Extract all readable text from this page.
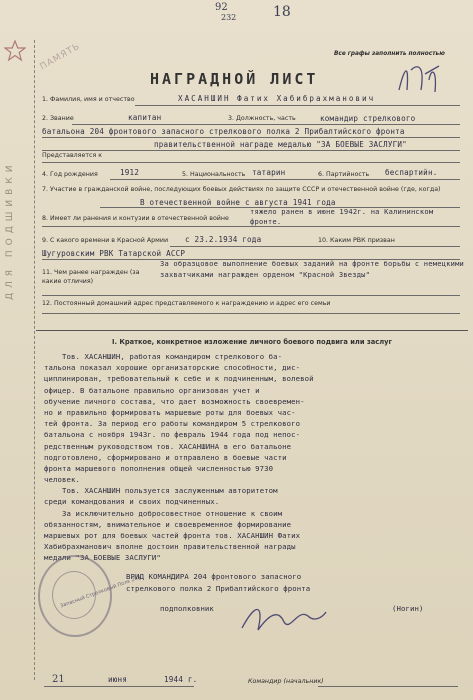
ДЛЯ ПОДШИВКИ
ПАМЯТЬ
92
232	18
Все графы заполнить полностью
НАГРАДНОЙ ЛИСТ
1. Фамилия, имя и отчество	ХАСАНШИН Фатих Хабибрахманович
2. Звание	капитан	3. Должность, часть	командир стрелкового батальона 204 фронтового запасного стрелкового полка 2 Прибалтийского фронта
Представляется к
правительственной награде медалью "ЗА БОЕВЫЕ ЗАСЛУГИ"
4. Год рождения	1912	5. Национальность татарин	6. Партийность беспартийн.
7. Участие в гражданской войне, последующих боевых действиях по защите СССР и отечественной войне (где, когда)
В отечественной войне с августа 1941 года
8. Имеет ли ранения и контузии в отечественной войне
тяжело ранен в июне 1942г. на Калининском фронте.
9. С какого времени в Красной Армии с 23.2.1934 года	10. Каким РВК призван
Шугуровским РВК Татарской АССР
11. Чем ранее награжден (за какие отличия)
За образцовое выполнение боевых заданий на фронте борьбы с немецкими захватчиками награжден орденом "Красной Звезды"
12. Постоянный домашний адрес представляемого к награждению и адрес его семьи
I. Краткое, конкретное изложение личного боевого подвига или заслуг
Тов. ХАСАНШИН, работая командиром стрелкового ба-
тальона показал хорошие организаторские способности, дис-
циплинирован, требовательный к себе и к подчиненным, волевой
офицер. В батальоне правильно организован учет и
обучение личного состава, что дает возможность своевремен-
но и правильно формировать маршевые роты для боевых час-
тей фронта. За период его работы командиром 5 стрелкового
батальона с ноября 1943г. по февраль 1944 года под непос-
редственным руководством тов. ХАСАНШИНА в его батальоне
подготовлено, сформировано и отправлено в боевые части
фронта маршевого пополнения общей численностью 9730
человек.
Тов. ХАСАНШИН пользуется заслуженным авторитетом
среди командования и своих подчиненных.
За исключительно добросовестное отношение к своим
обязанностям, внимательное и своевременное формирование
маршевых рот для боевых частей фронта тов. ХАСАНШИН Фатих
Хабибрахманович вполне достоин правительственной награды
медали "ЗА БОЕВЫЕ ЗАСЛУГИ"
Запасный Стрелковый Полк 204
ВРИД КОМАНДИРА 204 фронтового запасного
стрелкового полка 2 Прибалтийского фронта
подполковник	(Ногин)
21	июня	1944 г.	Командир (начальник)
